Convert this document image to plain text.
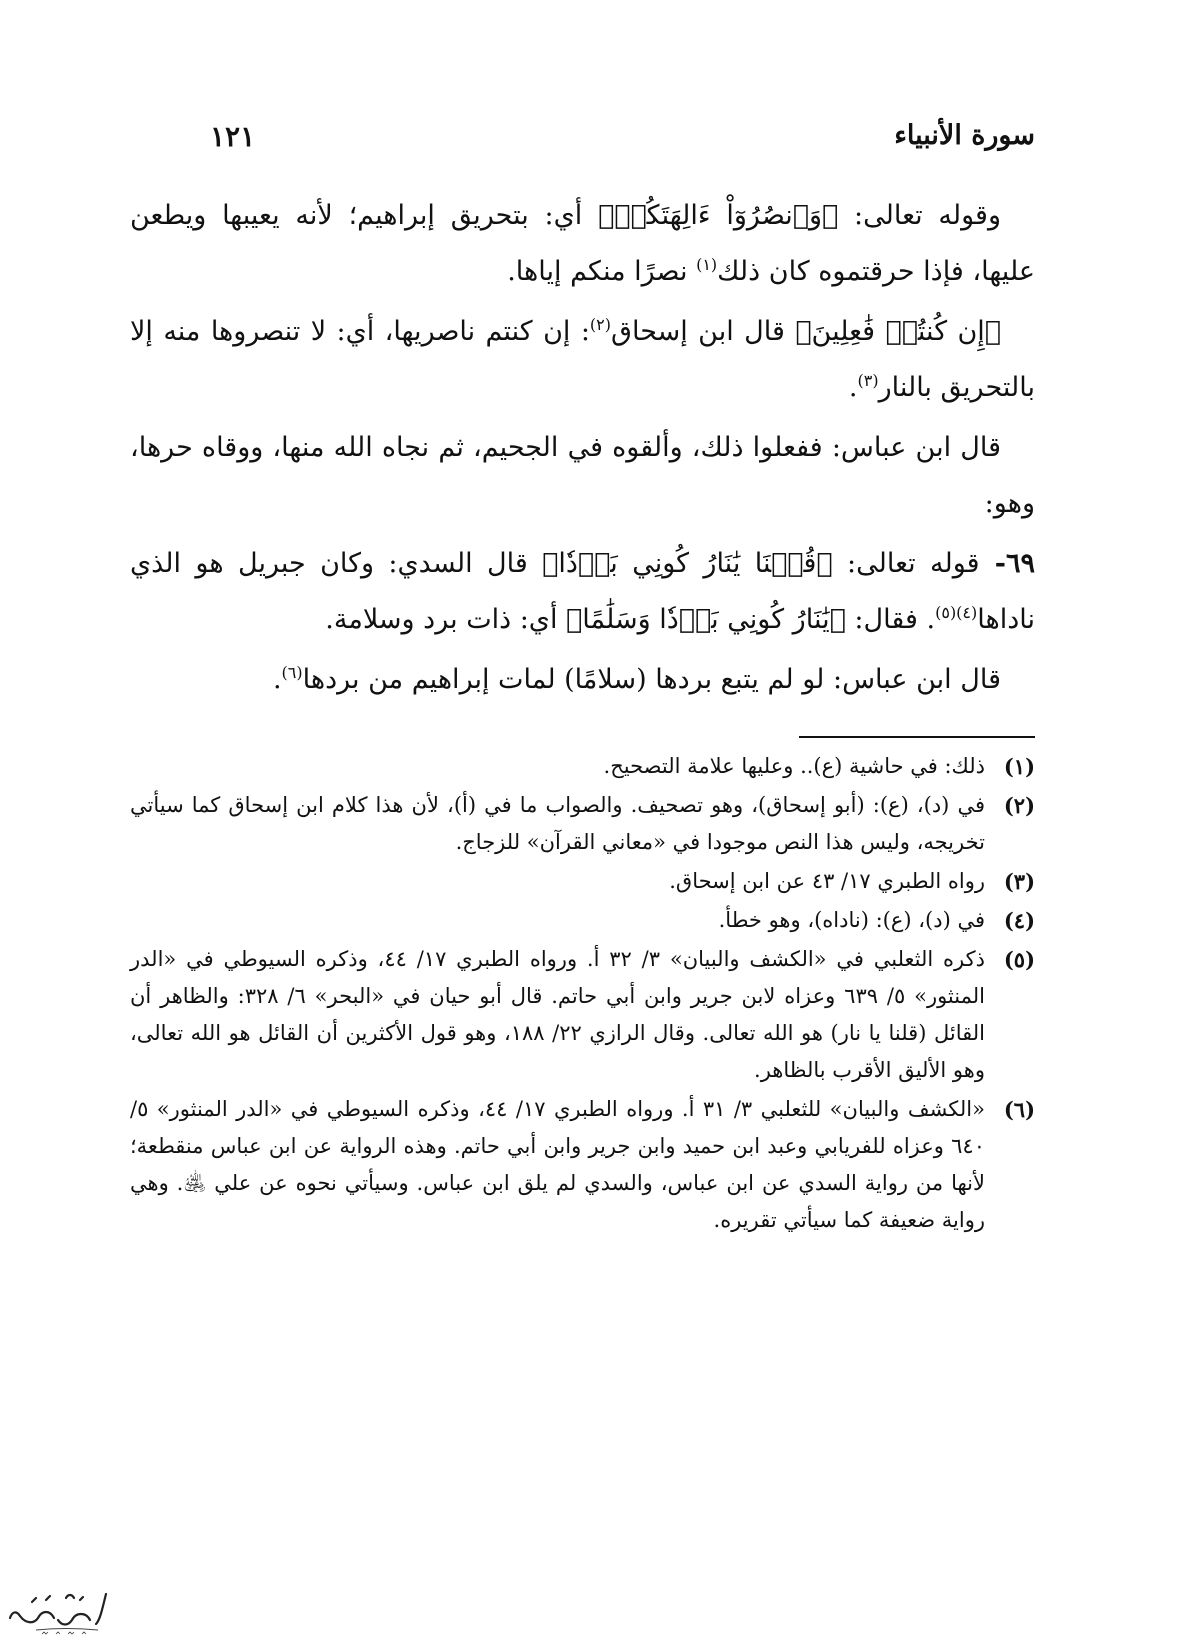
سورة الأنبياء
١٢١

وقوله تعالى: ﴿وَٱنصُرُوٓاْ ءَالِهَتَكُمۡ﴾ أي: بتحريق إبراهيم؛ لأنه يعيبها ويطعن عليها، فإذا حرقتموه كان ذلك$^{(١)}$ نصرًا منكم إياها.

﴿إِن كُنتُمۡ فَٰعِلِينَ﴾ قال ابن إسحاق$^{(٢)}$: إن كنتم ناصريها، أي: لا تنصروها منه إلا بالتحريق بالنار$^{(٣)}$.

قال ابن عباس: ففعلوا ذلك، وألقوه في الجحيم، ثم نجاه الله منها، ووقاه حرها، وهو:

٦٩- قوله تعالى: ﴿قُلۡنَا يَٰنَارُ كُونِي بَرۡدٗا﴾ قال السدي: وكان جبريل هو الذي ناداها$^{(٤)(٥)}$. فقال: ﴿يَٰنَارُ كُونِي بَرۡدٗا وَسَلَٰمًا﴾ أي: ذات برد وسلامة.

قال ابن عباس: لو لم يتبع بردها (سلامًا) لمات إبراهيم من بردها$^{(٦)}$.

(١)
ذلك: في حاشية (ع).. وعليها علامة التصحيح.
(٢)
في (د)، (ع): (أبو إسحاق)، وهو تصحيف. والصواب ما في (أ)، لأن هذا كلام ابن إسحاق كما سيأتي تخريجه، وليس هذا النص موجودا في «معاني القرآن» للزجاج.
(٣)
رواه الطبري ١٧/ ٤٣ عن ابن إسحاق.
(٤)
في (د)، (ع): (ناداه)، وهو خطأ.
(٥)
ذكره الثعلبي في «الكشف والبيان» ٣/ ٣٢ أ. ورواه الطبري ١٧/ ٤٤، وذكره السيوطي في «الدر المنثور» ٥/ ٦٣٩ وعزاه لابن جرير وابن أبي حاتم. قال أبو حيان في «البحر» ٦/ ٣٢٨: والظاهر أن القائل (قلنا يا نار) هو الله تعالى. وقال الرازي ٢٢/ ١٨٨، وهو قول الأكثرين أن القائل هو الله تعالى، وهو الأليق الأقرب بالظاهر.
(٦)
«الكشف والبيان» للثعلبي ٣/ ٣١ أ. ورواه الطبري ١٧/ ٤٤، وذكره السيوطي في «الدر المنثور» ٥/ ٦٤٠ وعزاه للفريابي وعبد ابن حميد وابن جرير وابن أبي حاتم. وهذه الرواية عن ابن عباس منقطعة؛ لأنها من رواية السدي عن ابن عباس، والسدي لم يلق ابن عباس. وسيأتي نحوه عن علي ﵁. وهي رواية ضعيفة كما سيأتي تقريره.
